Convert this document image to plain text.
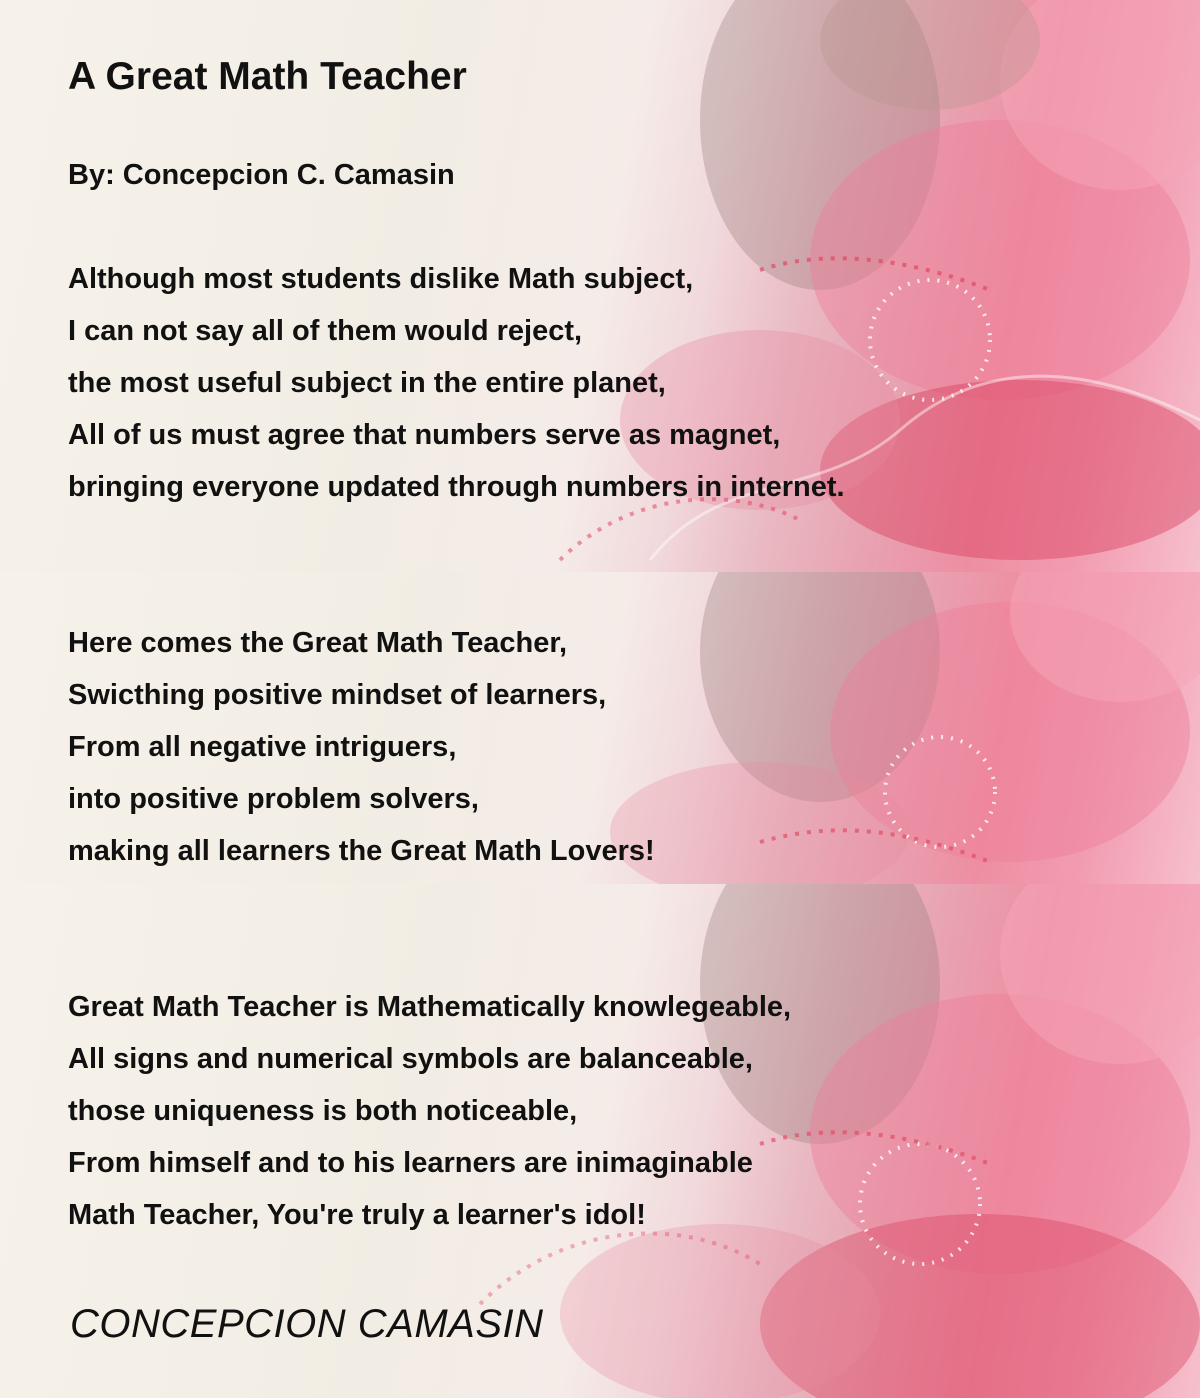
A Great Math Teacher
By: Concepcion C. Camasin
Although most students dislike Math subject,
I can not say all of them would reject,
the most useful subject in the entire planet,
All of us must agree that numbers serve as magnet,
bringing everyone updated through numbers in internet.
Here comes the Great Math Teacher,
Swicthing positive mindset of learners,
From all negative intriguers,
into positive problem solvers,
making all learners the Great Math Lovers!
Great Math Teacher is Mathematically knowlegeable,
All signs and numerical symbols are balanceable,
those uniqueness is both noticeable,
From himself and to his learners are inimaginable
Math Teacher, You're truly a learner's idol!
CONCEPCION CAMASIN
